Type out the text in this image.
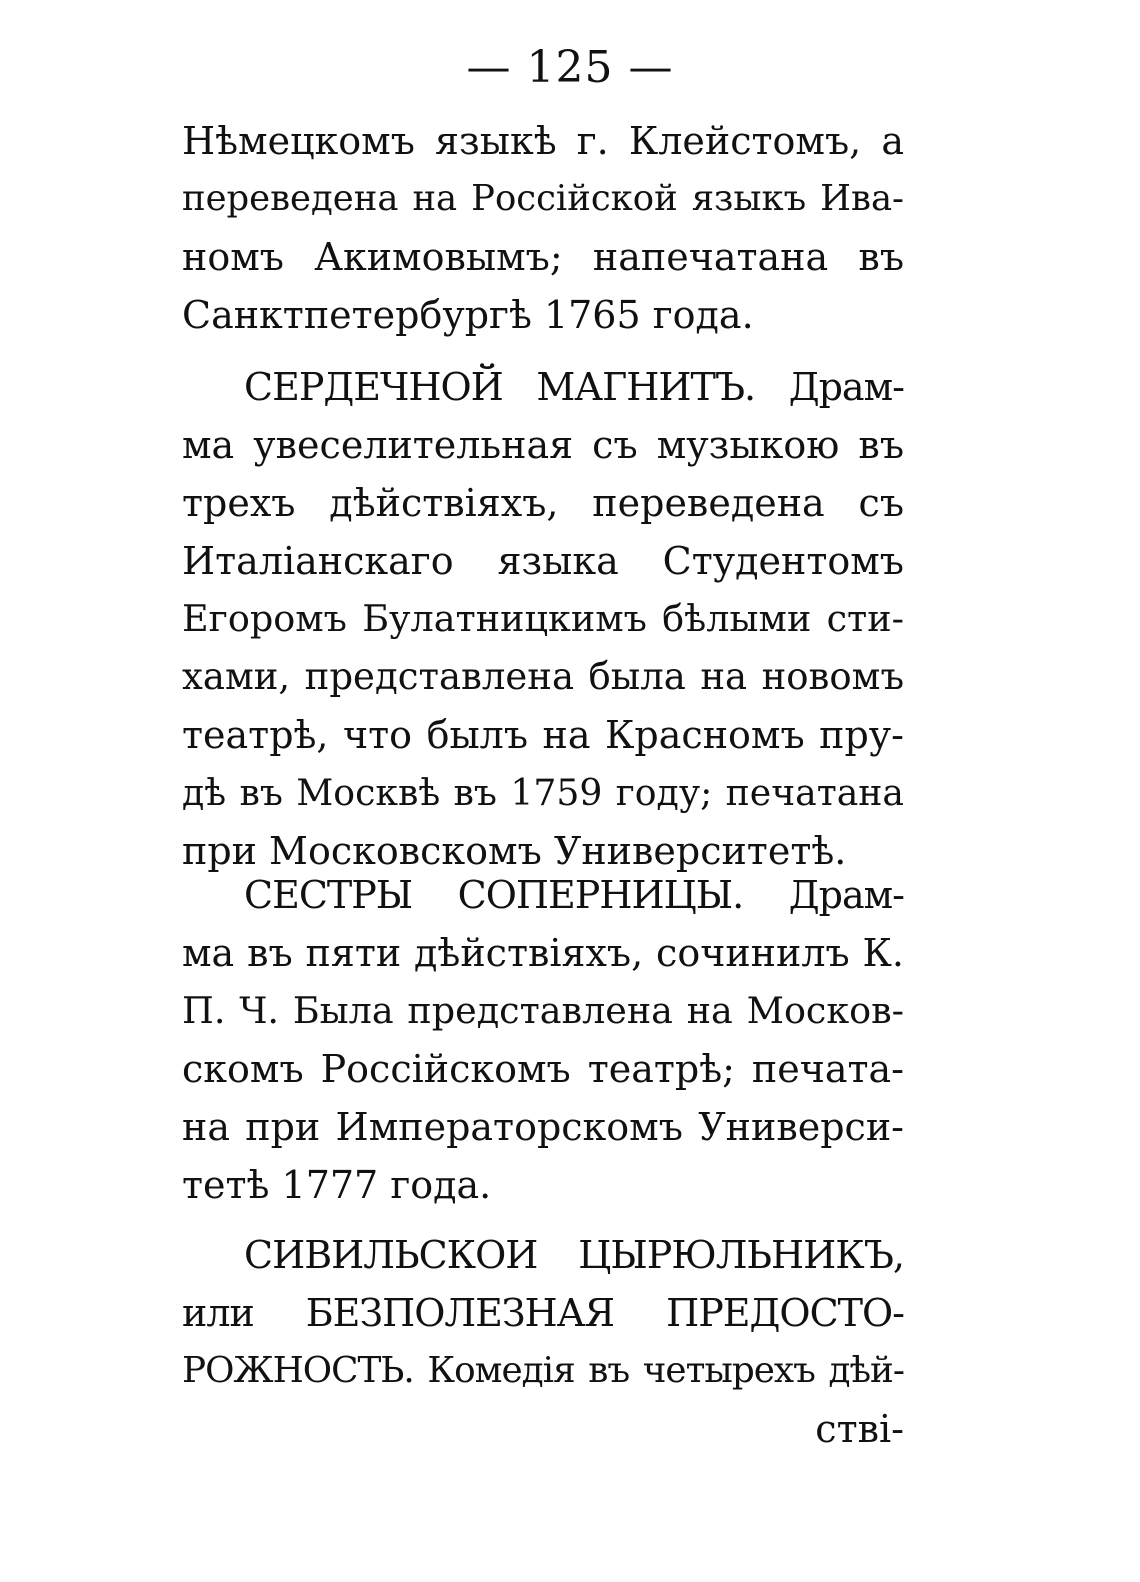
— 125 —
Нѣмецкомъ языкѣ г. Клейстомъ, а
переведена на Россійской языкъ Ива-
номъ Акимовымъ; напечатана въ
Санктпетербургѣ 1765 года.
СЕРДЕЧНОЙ МАГНИТЪ. Драм-
ма увеселительная съ музыкою въ
трехъ дѣйствіяхъ, переведена съ
Италіанскаго языка Студентомъ
Егоромъ Булатницкимъ бѣлыми сти-
хами, представлена была на новомъ
театрѣ, что былъ на Красномъ пру-
дѣ въ Москвѣ въ 1759 году; печатана
при Московскомъ Университетѣ.
СЕСТРЫ СОПЕРНИЦЫ. Драм-
ма въ пяти дѣйствіяхъ, сочинилъ К.
П. Ч. Была представлена на Москов-
скомъ Россійскомъ театрѣ; печата-
на при Императорскомъ Универси-
тетѣ 1777 года.
СИВИЛЬСКОИ ЦЫРЮЛЬНИКЪ,
или БЕЗПОЛЕЗНАЯ ПРЕДОСТО-
РОЖНОСТЬ. Комедія въ четырехъ дѣй-
стві-
